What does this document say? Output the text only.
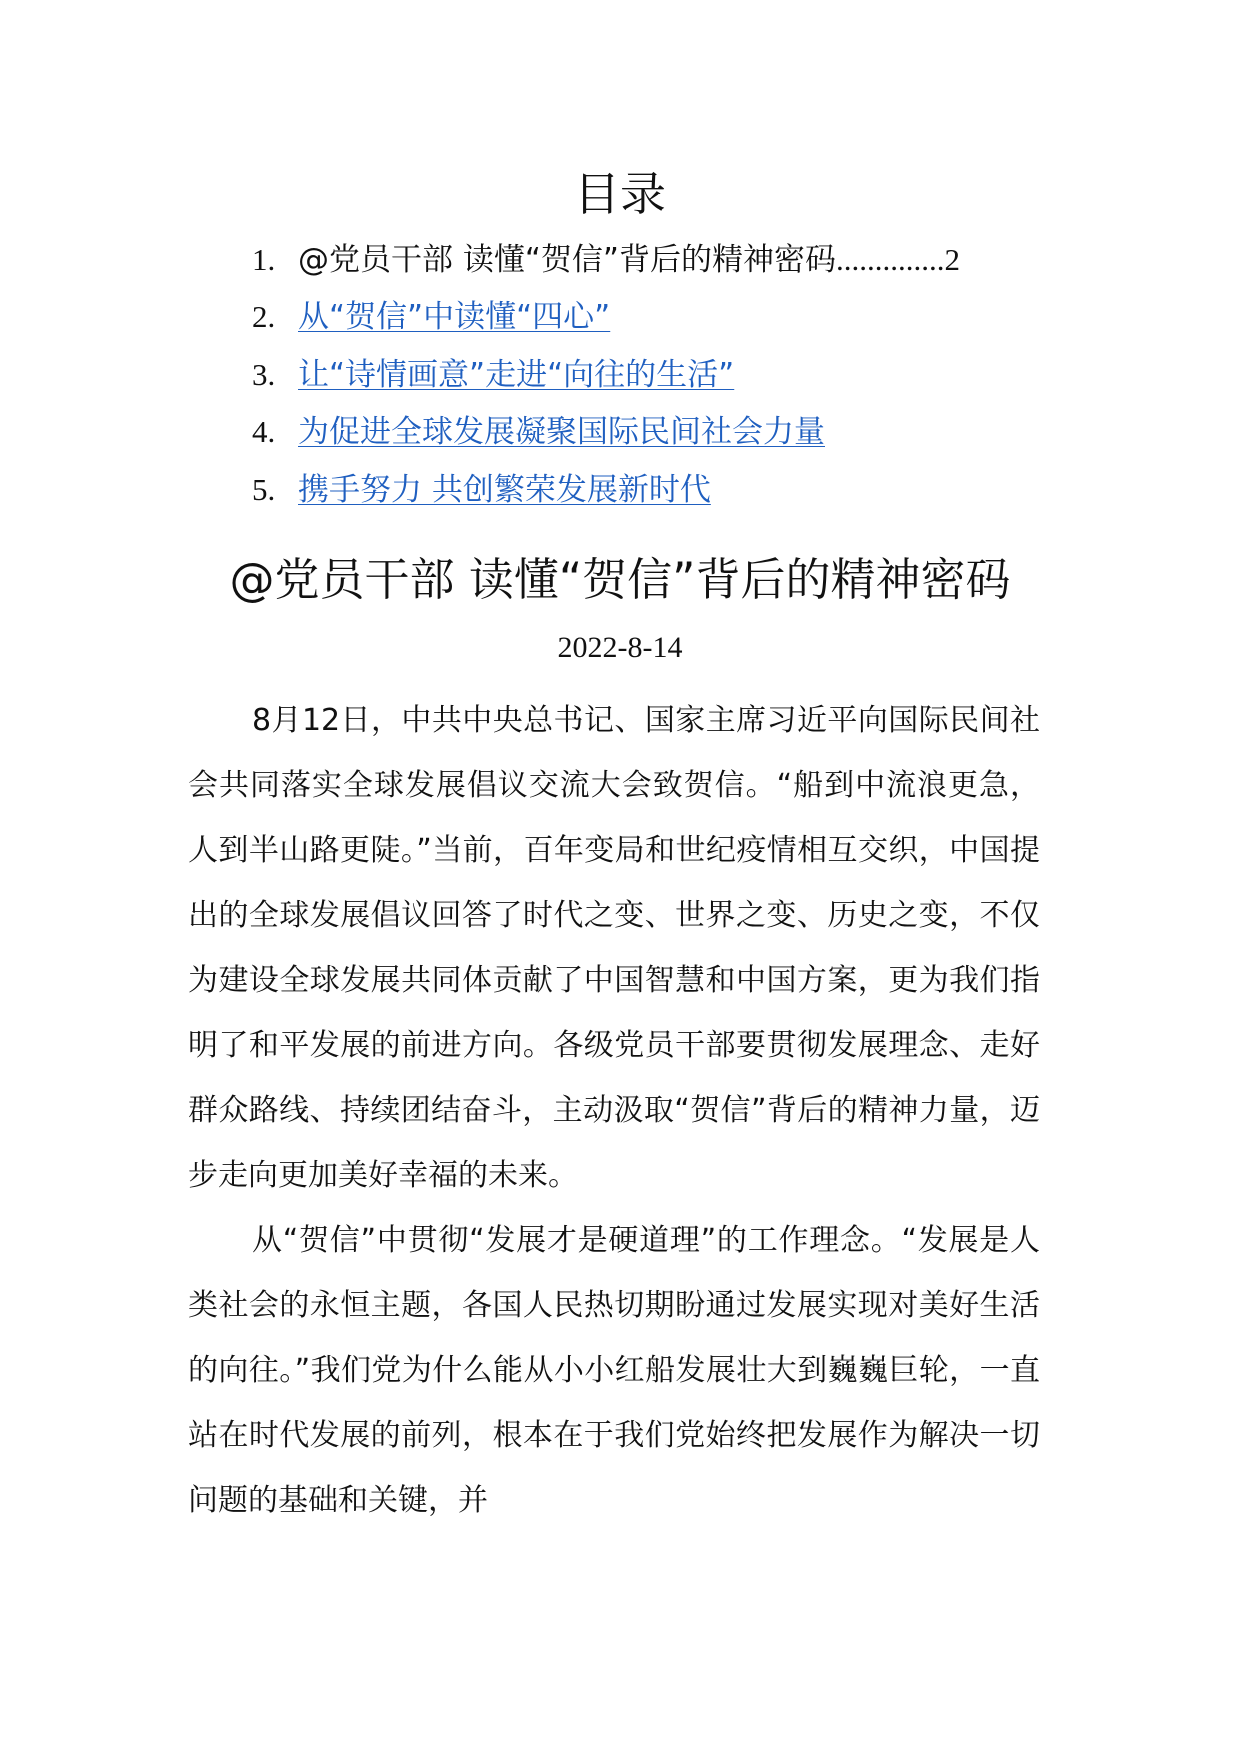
目录
1. @党员干部 读懂“贺信”背后的精神密码..............2
2. 从“贺信”中读懂“四心”
3. 让“诗情画意”走进“向往的生活”
4. 为促进全球发展凝聚国际民间社会力量
5. 携手努力 共创繁荣发展新时代
@党员干部 读懂“贺信”背后的精神密码
2022-8-14

8月12日，中共中央总书记、国家主席习近平向国际民间社会共同落实全球发展倡议交流大会致贺信。“船到中流浪更急，人到半山路更陡。”当前，百年变局和世纪疫情相互交织，中国提出的全球发展倡议回答了时代之变、世界之变、历史之变，不仅为建设全球发展共同体贡献了中国智慧和中国方案，更为我们指明了和平发展的前进方向。各级党员干部要贯彻发展理念、走好群众路线、持续团结奋斗，主动汲取“贺信”背后的精神力量，迈步走向更加美好幸福的未来。

从“贺信”中贯彻“发展才是硬道理”的工作理念。“发展是人类社会的永恒主题，各国人民热切期盼通过发展实现对美好生活的向往。”我们党为什么能从小小红船发展壮大到巍巍巨轮，一直站在时代发展的前列，根本在于我们党始终把发展作为解决一切问题的基础和关键，并
